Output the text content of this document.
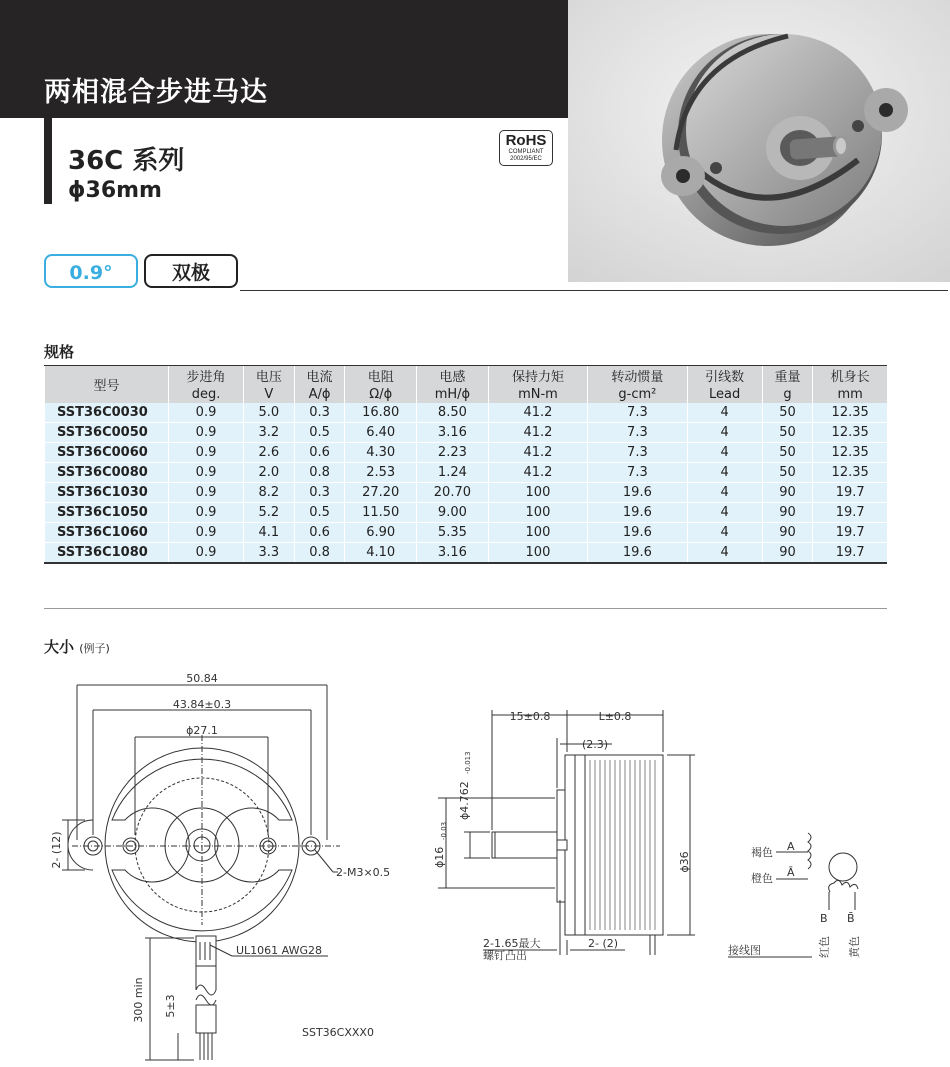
两相混合步进马达
36C 系列
ϕ36mm
RoHS
COMPLIANT
2002/95/EC
0.9°	双极
规格
型号	步进角	电压	电流	电阻	电感	保持力矩	转动惯量	引线数	重量	机身长
	deg.	V	A/ϕ	Ω/ϕ	mH/ϕ	mN-m	g-cm²	Lead	g	mm
SST36C0030	0.9	5.0	0.3	16.80	8.50	41.2	7.3	4	50	12.35
SST36C0050	0.9	3.2	0.5	6.40	3.16	41.2	7.3	4	50	12.35
SST36C0060	0.9	2.6	0.6	4.30	2.23	41.2	7.3	4	50	12.35
SST36C0080	0.9	2.0	0.8	2.53	1.24	41.2	7.3	4	50	12.35
SST36C1030	0.9	8.2	0.3	27.20	20.70	100	19.6	4	90	19.7
SST36C1050	0.9	5.2	0.5	11.50	9.00	100	19.6	4	90	19.7
SST36C1060	0.9	4.1	0.6	6.90	5.35	100	19.6	4	90	19.7
SST36C1080	0.9	3.3	0.8	4.10	3.16	100	19.6	4	90	19.7
大小 (例子)
50.84
43.84±0.3
ϕ27.1
2- (12)
2-M3×0.5
UL1061 AWG28
300 min 5±3
SST36CXXX0
15±0.8	L±0.8
(2.3)
ϕ4.762
-0.013
ϕ16
-0.03
ϕ36
2-1.65最大
螺钉凸出
2- (2)
褐色
橙色
A
Ā
B B̄
红色 黄色
接线图
